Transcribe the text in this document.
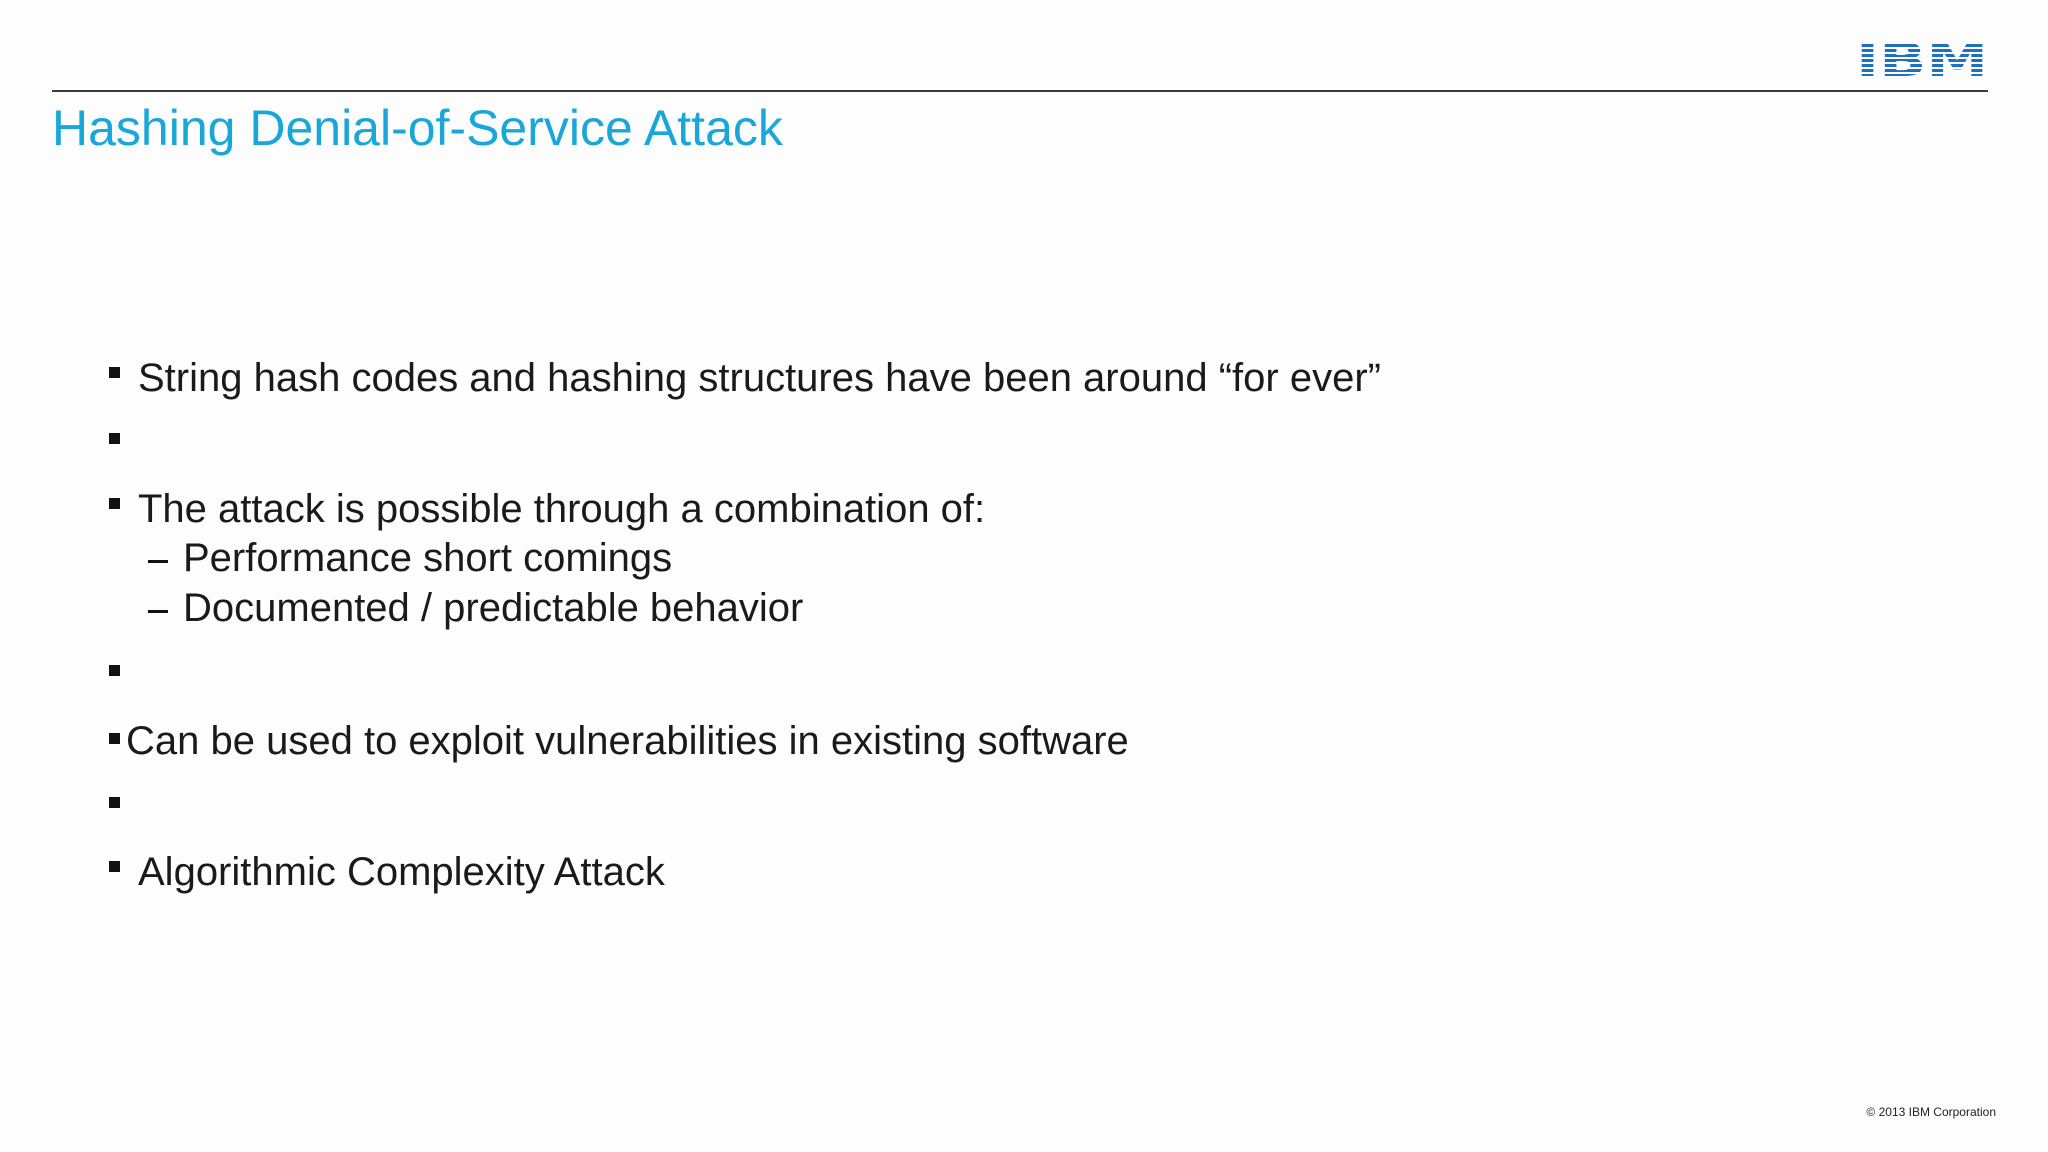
Hashing Denial-of-Service Attack
String hash codes and hashing structures have been around “for ever”
The attack is possible through a combination of:
Performance short comings
Documented / predictable behavior
Can be used to exploit vulnerabilities in existing software
Algorithmic Complexity Attack
© 2013 IBM Corporation
